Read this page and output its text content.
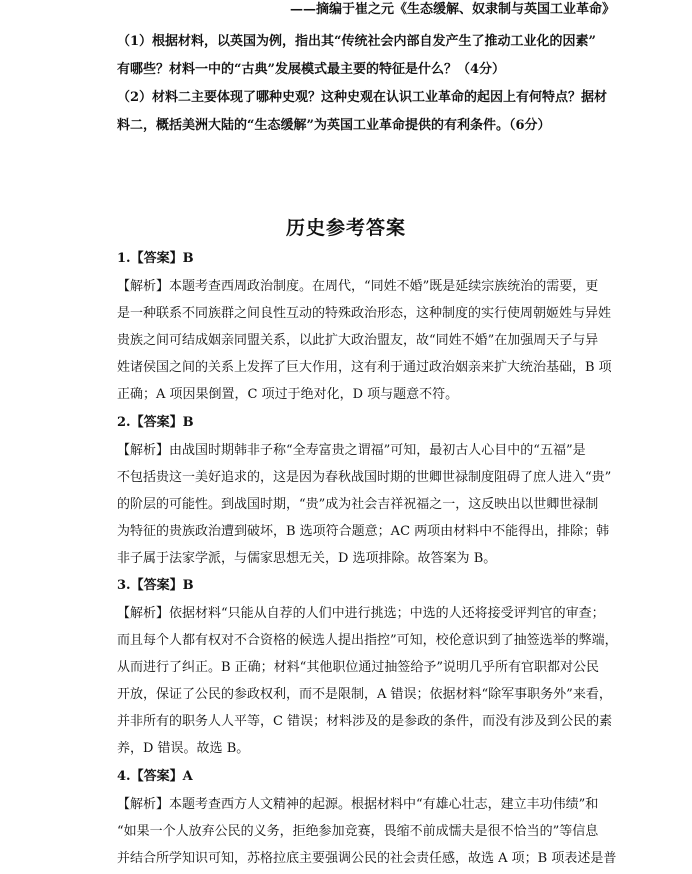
——摘编于崔之元《生态缓解、奴隶制与英国工业革命》
（1）根据材料，以英国为例，指出其“传统社会内部自发产生了推动工业化的因素”
有哪些？材料一中的“古典”发展模式最主要的特征是什么？（4分）
（2）材料二主要体现了哪种史观？这种史观在认识工业革命的起因上有何特点？据材
料二，概括美洲大陆的“生态缓解”为英国工业革命提供的有利条件。（6分）
历史参考答案
1.【答案】B
【解析】本题考查西周政治制度。在周代，“同姓不婚”既是延续宗族统治的需要，更
是一种联系不同族群之间良性互动的特殊政治形态，这种制度的实行使周朝姬姓与异姓
贵族之间可结成姻亲同盟关系，以此扩大政治盟友，故“同姓不婚”在加强周天子与异
姓诸侯国之间的关系上发挥了巨大作用，这有利于通过政治姻亲来扩大统治基础，B 项
正确；A 项因果倒置，C 项过于绝对化，D 项与题意不符。
2.【答案】B
【解析】由战国时期韩非子称“全寿富贵之谓福”可知，最初古人心目中的“五福”是
不包括贵这一美好追求的，这是因为春秋战国时期的世卿世禄制度阻碍了庶人进入“贵”
的阶层的可能性。到战国时期，“贵”成为社会吉祥祝福之一，这反映出以世卿世禄制
为特征的贵族政治遭到破坏，B 选项符合题意；AC 两项由材料中不能得出，排除；韩
非子属于法家学派，与儒家思想无关，D 选项排除。故答案为 B。
3.【答案】B
【解析】依据材料“只能从自荐的人们中进行挑选；中选的人还将接受评判官的审查；
而且每个人都有权对不合资格的候选人提出指控”可知，校伦意识到了抽签选举的弊端，
从而进行了纠正。B 正确；材料“其他职位通过抽签给予”说明几乎所有官职都对公民
开放，保证了公民的参政权利，而不是限制，A 错误；依据材料“除军事职务外”来看，
并非所有的职务人人平等，C 错误；材料涉及的是参政的条件，而没有涉及到公民的素
养，D 错误。故选 B。
4.【答案】A
【解析】本题考查西方人文精神的起源。根据材料中“有雄心壮志，建立丰功伟绩”和
“如果一个人放弃公民的义务，拒绝参加竞赛，畏缩不前成懦夫是很不恰当的”等信息
并结合所学知识可知，苏格拉底主要强调公民的社会责任感，故选 A 项；B 项表述是普
